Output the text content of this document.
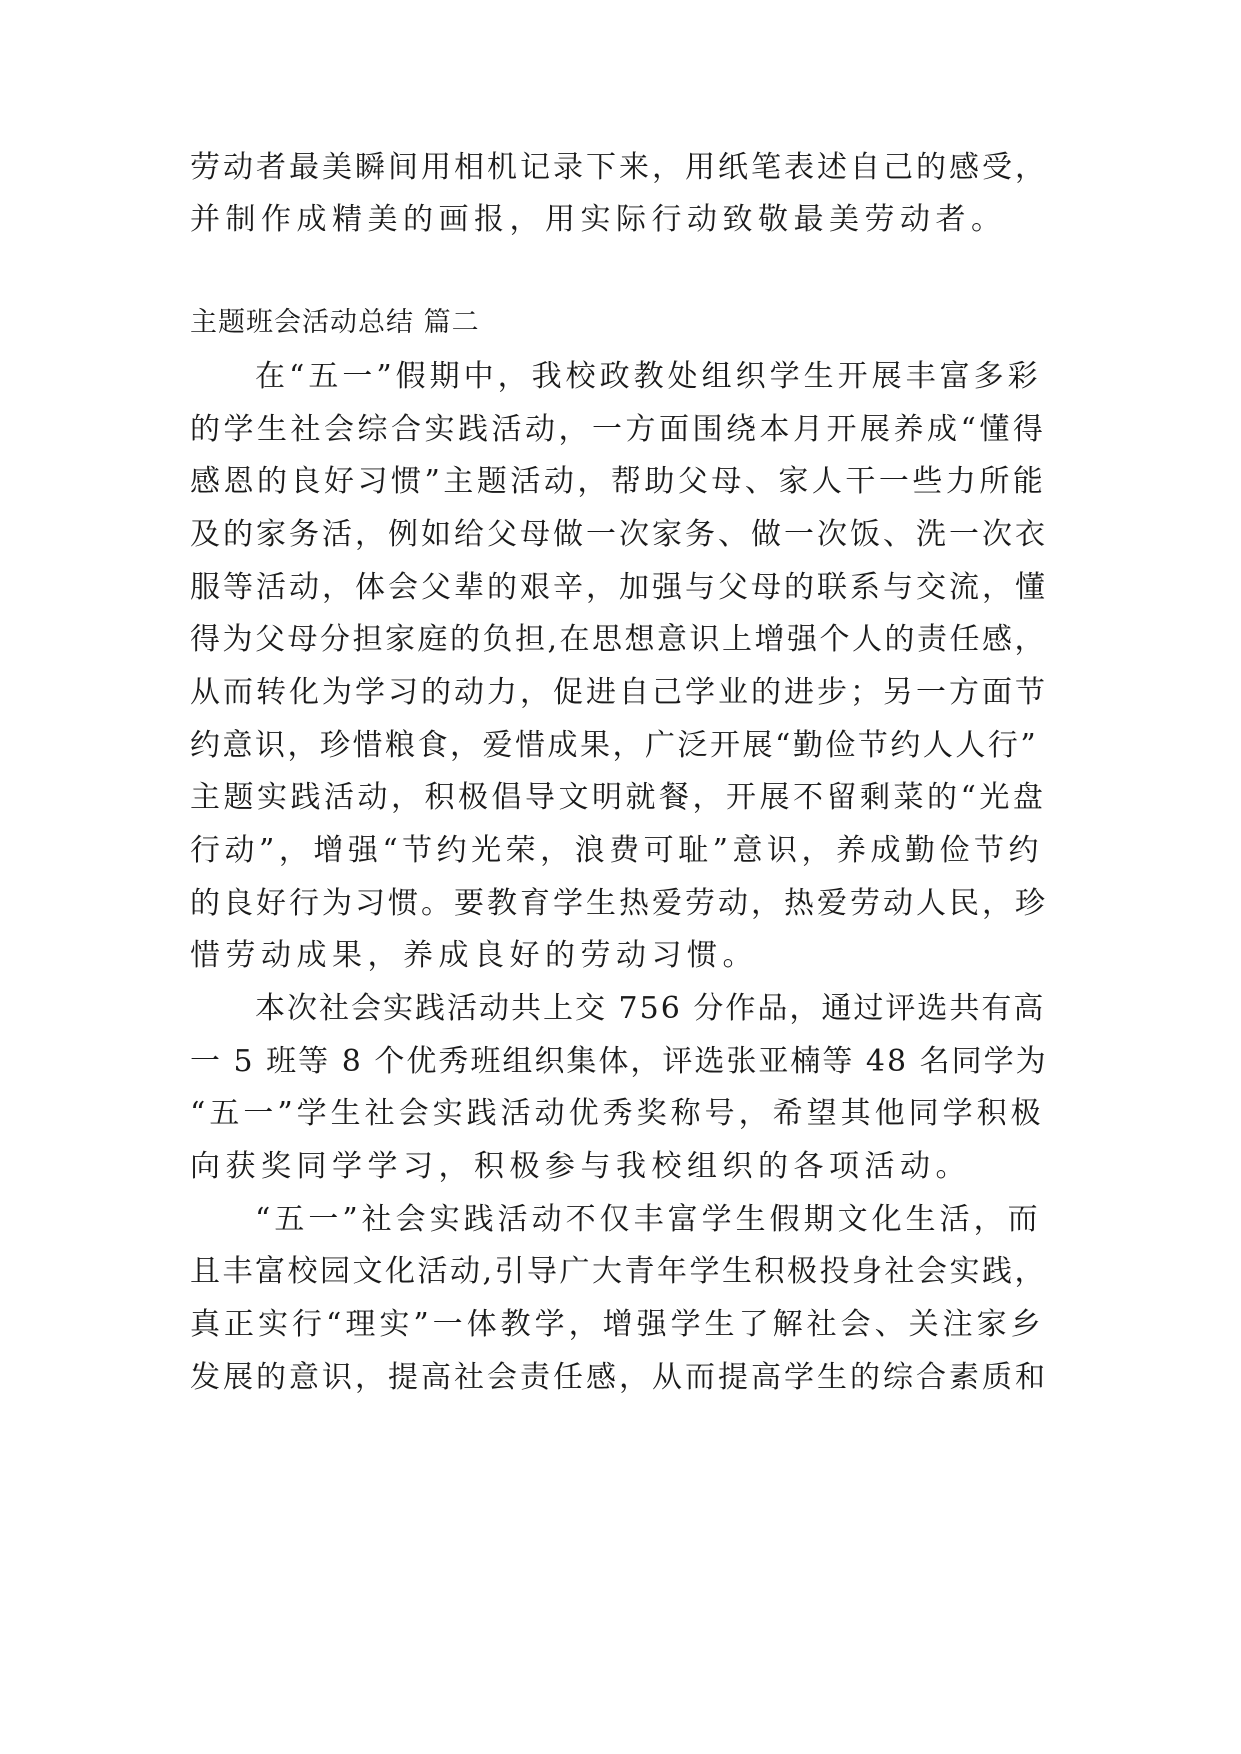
劳动者最美瞬间用相机记录下来，用纸笔表述自己的感受，
并制作成精美的画报，用实际行动致敬最美劳动者。
主题班会活动总结 篇二
在“五一”假期中，我校政教处组织学生开展丰富多彩
的学生社会综合实践活动，一方面围绕本月开展养成“懂得
感恩的良好习惯”主题活动，帮助父母、家人干一些力所能
及的家务活，例如给父母做一次家务、做一次饭、洗一次衣
服等活动，体会父辈的艰辛，加强与父母的联系与交流，懂
得为父母分担家庭的负担,在思想意识上增强个人的责任感，
从而转化为学习的动力，促进自己学业的进步；另一方面节
约意识，珍惜粮食，爱惜成果，广泛开展“勤俭节约人人行”
主题实践活动，积极倡导文明就餐，开展不留剩菜的“光盘
行动”，增强“节约光荣，浪费可耻”意识，养成勤俭节约
的良好行为习惯。要教育学生热爱劳动，热爱劳动人民，珍
惜劳动成果，养成良好的劳动习惯。
本次社会实践活动共上交 756 分作品，通过评选共有高
一 5 班等 8 个优秀班组织集体，评选张亚楠等 48 名同学为
“五一”学生社会实践活动优秀奖称号，希望其他同学积极
向获奖同学学习，积极参与我校组织的各项活动。
“五一”社会实践活动不仅丰富学生假期文化生活，而
且丰富校园文化活动,引导广大青年学生积极投身社会实践，
真正实行“理实”一体教学，增强学生了解社会、关注家乡
发展的意识，提高社会责任感，从而提高学生的综合素质和
